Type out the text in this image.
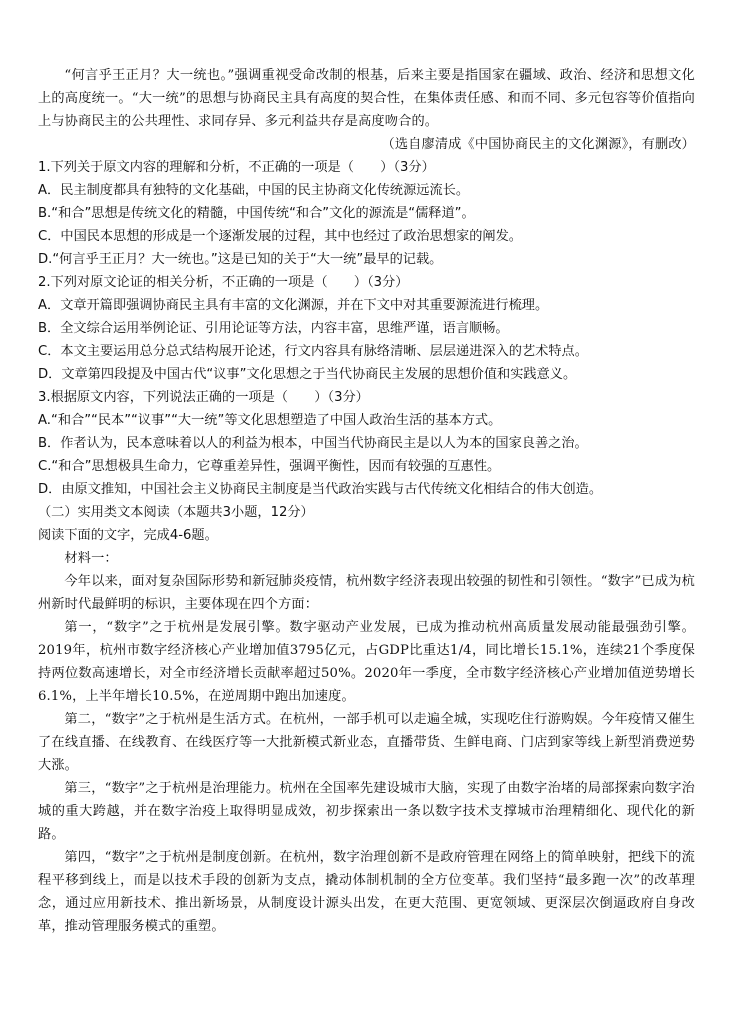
“何言乎王正月？大一统也。”强调重视受命改制的根基，后来主要是指国家在疆域、政治、经济和思想文化上的高度统一。“大一统”的思想与协商民主具有高度的契合性，在集体责任感、和而不同、多元包容等价值指向上与协商民主的公共理性、求同存异、多元利益共存是高度吻合的。

（选自廖清成《中国协商民主的文化渊源》，有删改）

1.下列关于原文内容的理解和分析，不正确的一项是（　　）（3分）

A．民主制度都具有独特的文化基础，中国的民主协商文化传统源远流长。

B.“和合”思想是传统文化的精髓，中国传统“和合”文化的源流是“儒释道”。

C．中国民本思想的形成是一个逐渐发展的过程，其中也经过了政治思想家的阐发。

D.“何言乎王正月？大一统也。”这是已知的关于“大一统”最早的记载。

2.下列对原文论证的相关分析，不正确的一项是（　　）（3分）

A．文章开篇即强调协商民主具有丰富的文化渊源，并在下文中对其重要源流进行梳理。

B．全文综合运用举例论证、引用论证等方法，内容丰富，思维严谨，语言顺畅。

C．本文主要运用总分总式结构展开论述，行文内容具有脉络清晰、层层递进深入的艺术特点。

D．文章第四段提及中国古代“议事”文化思想之于当代协商民主发展的思想价值和实践意义。

3.根据原文内容，下列说法正确的一项是（　　）（3分）

A.“和合”“民本”“议事”“大一统”等文化思想塑造了中国人政治生活的基本方式。

B．作者认为，民本意味着以人的利益为根本，中国当代协商民主是以人为本的国家良善之治。

C.“和合”思想极具生命力，它尊重差异性，强调平衡性，因而有较强的互惠性。

D．由原文推知，中国社会主义协商民主制度是当代政治实践与古代传统文化相结合的伟大创造。

（二）实用类文本阅读（本题共3小题，12分）

阅读下面的文字，完成4-6题。

材料一：

今年以来，面对复杂国际形势和新冠肺炎疫情，杭州数字经济表现出较强的韧性和引领性。“数字”已成为杭州新时代最鲜明的标识，主要体现在四个方面：

第一，“数字”之于杭州是发展引擎。数字驱动产业发展，已成为推动杭州高质量发展动能最强劲引擎。2019年，杭州市数字经济核心产业增加值3795亿元，占GDP比重达1/4，同比增长15.1%，连续21个季度保持两位数高速增长，对全市经济增长贡献率超过50%。2020年一季度，全市数字经济核心产业增加值逆势增长6.1%，上半年增长10.5%，在逆周期中跑出加速度。

第二，“数字”之于杭州是生活方式。在杭州，一部手机可以走遍全城，实现吃住行游购娱。今年疫情又催生了在线直播、在线教育、在线医疗等一大批新模式新业态，直播带货、生鲜电商、门店到家等线上新型消费逆势大涨。

第三，“数字”之于杭州是治理能力。杭州在全国率先建设城市大脑，实现了由数字治堵的局部探索向数字治城的重大跨越，并在数字治疫上取得明显成效，初步探索出一条以数字技术支撑城市治理精细化、现代化的新路。

第四，“数字”之于杭州是制度创新。在杭州，数字治理创新不是政府管理在网络上的简单映射，把线下的流程平移到线上，而是以技术手段的创新为支点，撬动体制机制的全方位变革。我们坚持“最多跑一次”的改革理念，通过应用新技术、推出新场景，从制度设计源头出发，在更大范围、更宽领域、更深层次倒逼政府自身改革，推动管理服务模式的重塑。
